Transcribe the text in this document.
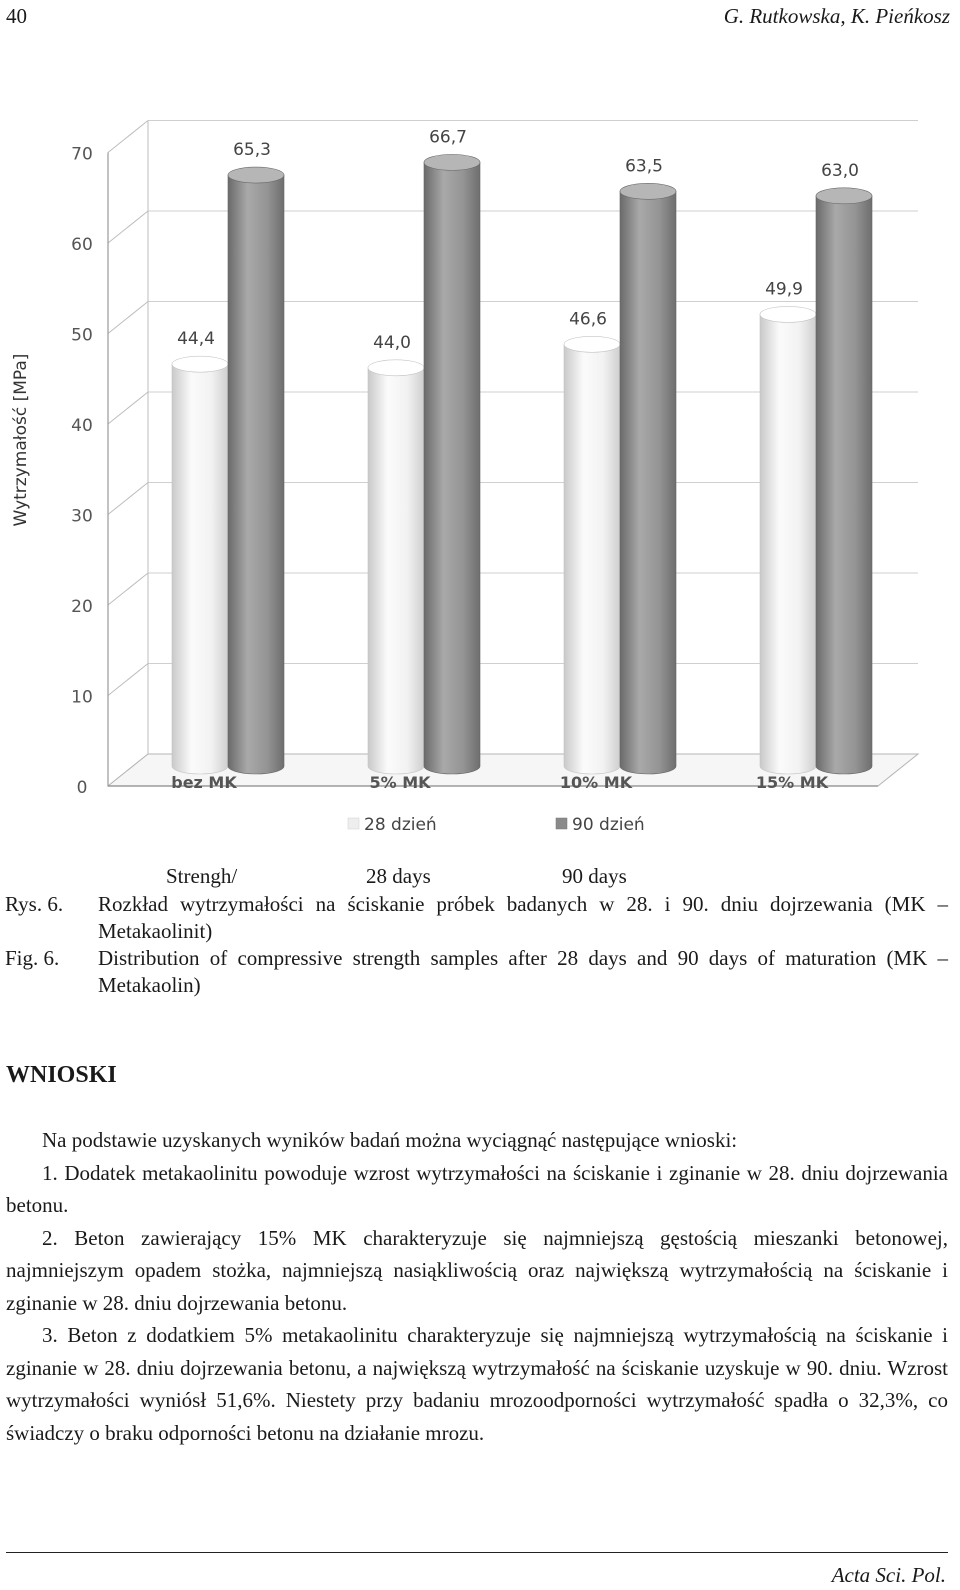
40	G. Rutkowska, K. Pieńkosz
0
10
20
30
40
50
60
70
Wytrzymałość [MPa]
44,4
65,3
bez MK
44,0
66,7
5% MK
46,6
63,5
10% MK
49,9
63,0
15% MK
28 dzień	90 dzień
Strengh/	28 days	90 days
Rys. 6. Rozkład wytrzymałości na ściskanie próbek badanych w 28. i 90. dniu dojrzewania (MK – Metakaolinit)
Fig. 6. Distribution of compressive strength samples after 28 days and 90 days of maturation (MK – Metakaolin)
WNIOSKI

Na podstawie uzyskanych wyników badań można wyciągnąć następujące wnioski:

1. Dodatek metakaolinitu powoduje wzrost wytrzymałości na ściskanie i zginanie w 28. dniu dojrzewania betonu.

2. Beton zawierający 15% MK charakteryzuje się najmniejszą gęstością mieszanki betonowej, najmniejszym opadem stożka, najmniejszą nasiąkliwością oraz największą wytrzymałością na ściskanie i zginanie w 28. dniu dojrzewania betonu.

3. Beton z dodatkiem 5% metakaolinitu charakteryzuje się najmniejszą wytrzymałością na ściskanie i zginanie w 28. dniu dojrzewania betonu, a największą wytrzymałość na ściskanie uzyskuje w 90. dniu. Wzrost wytrzymałości wyniósł 51,6%. Niestety przy badaniu mrozoodporności wytrzymałość spadła o 32,3%, co świadczy o braku odporności betonu na działanie mrozu.

Acta Sci. Pol.
